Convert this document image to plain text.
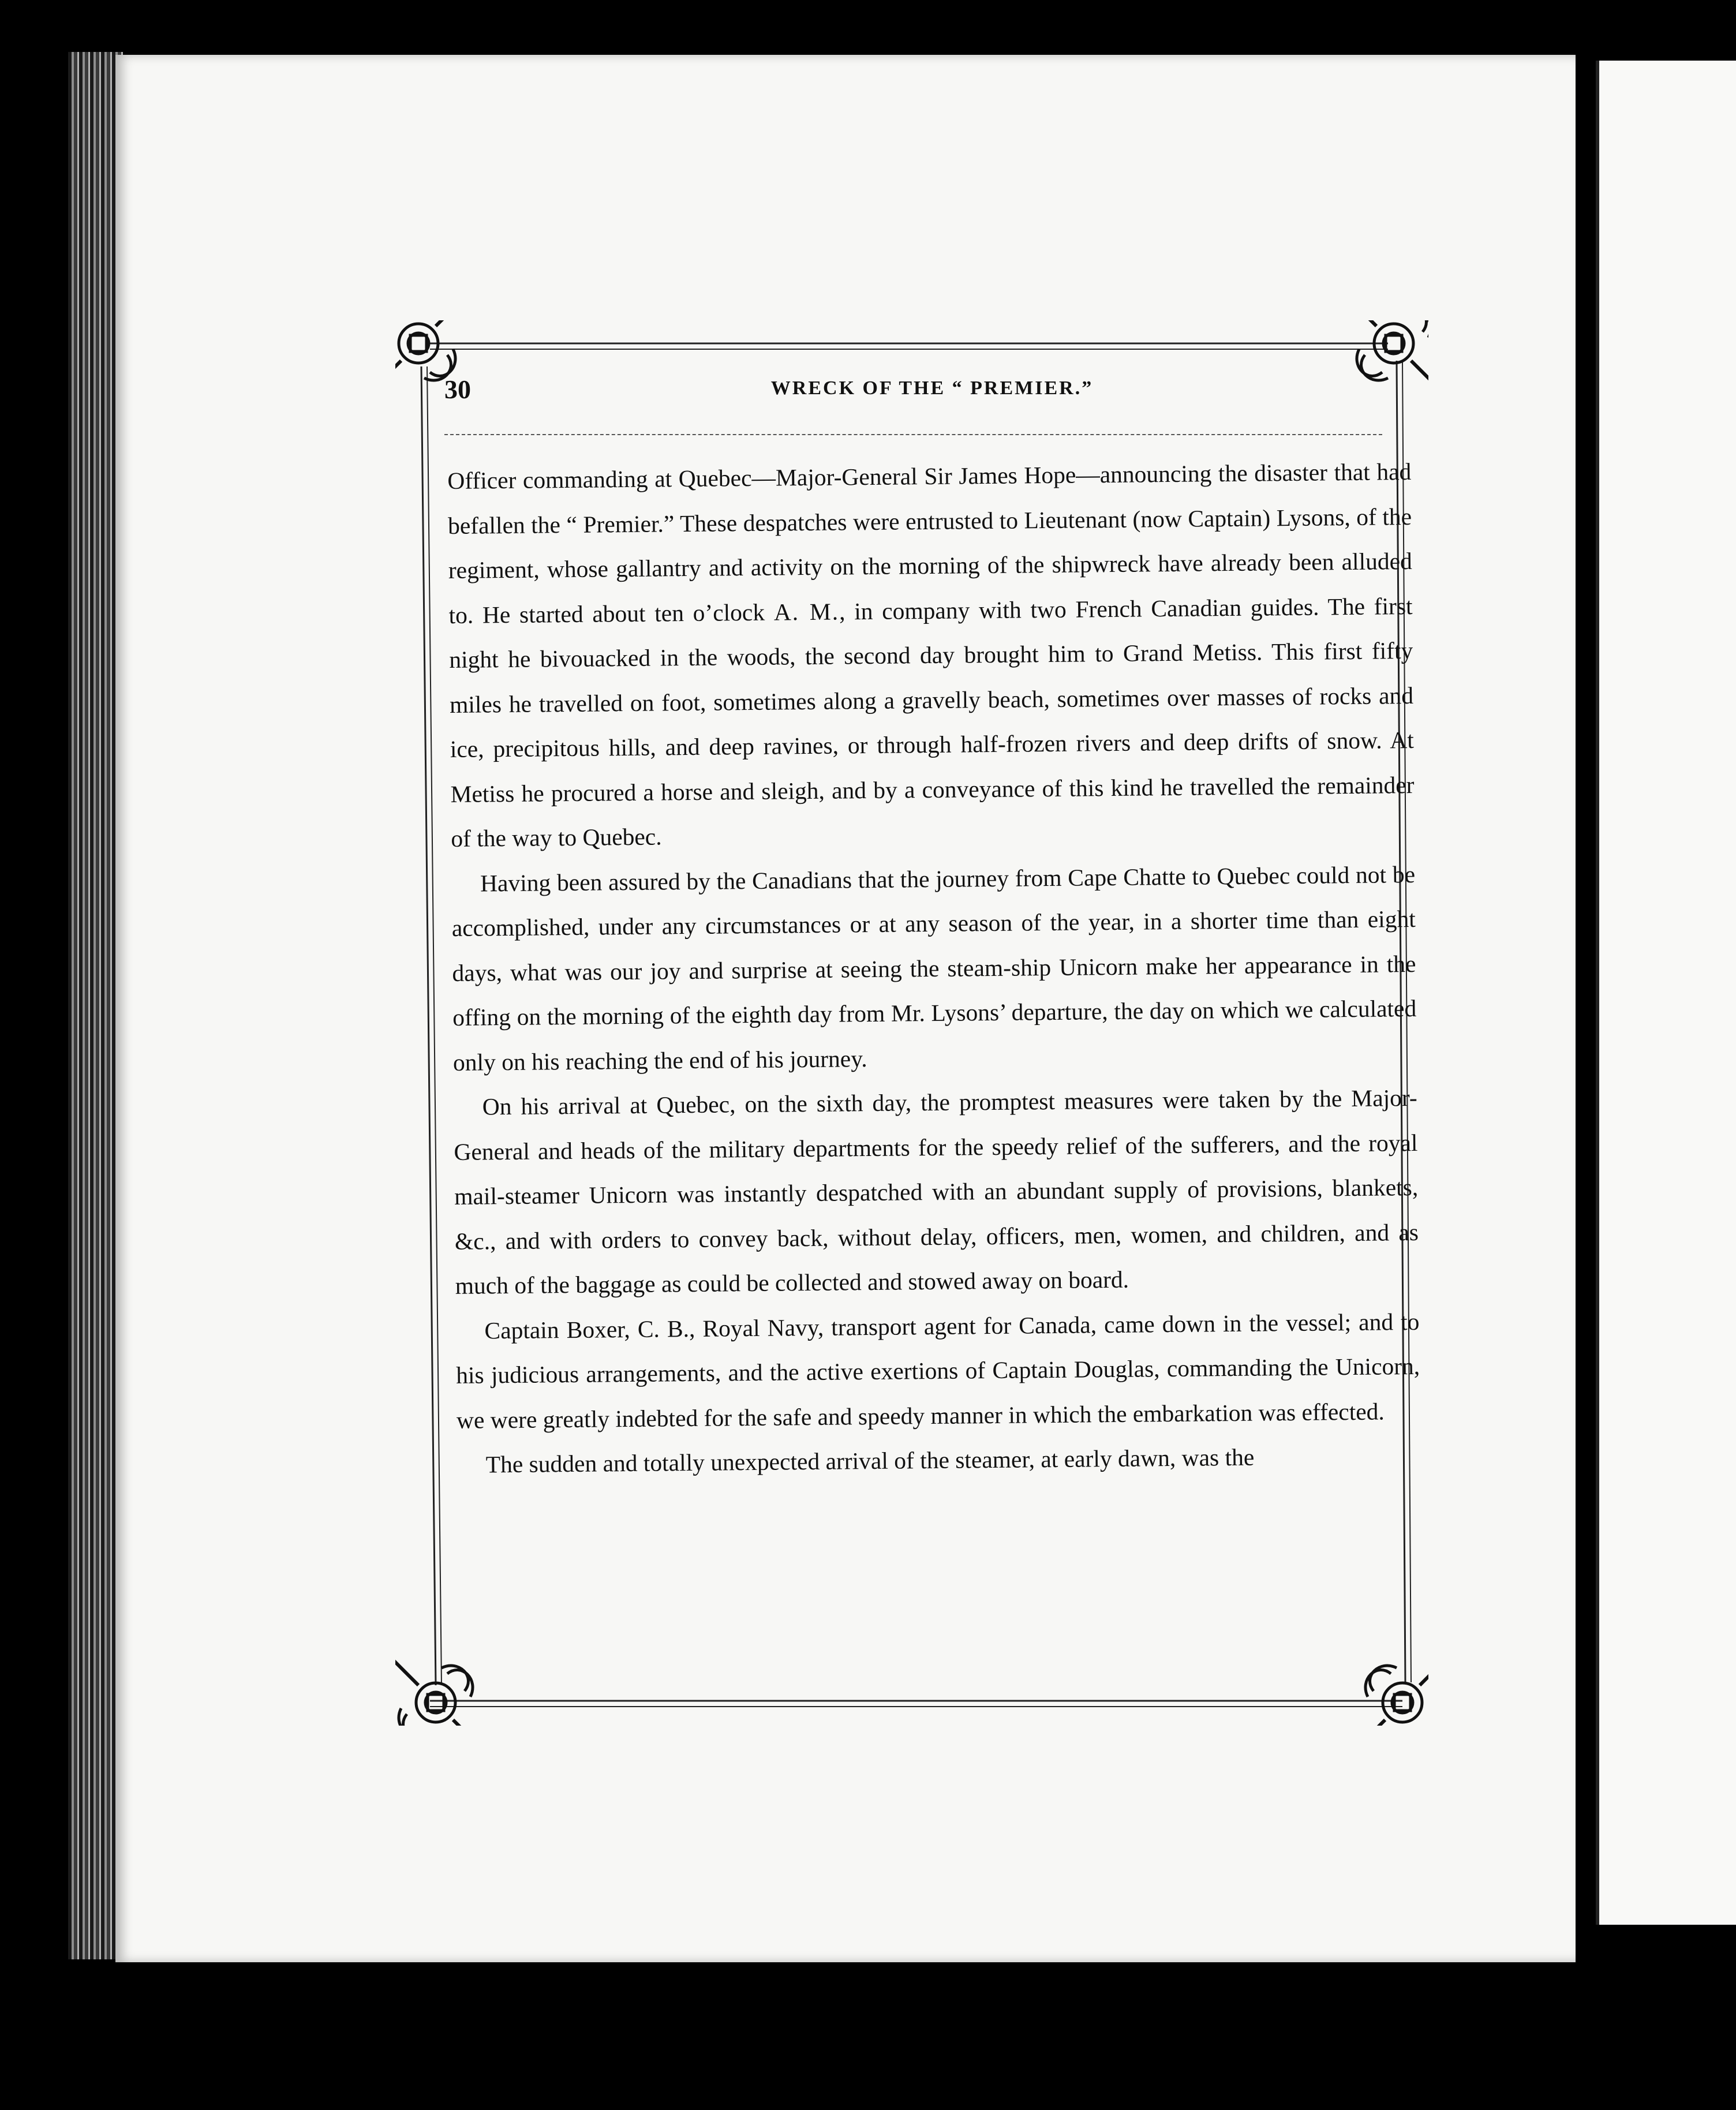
30	WRECK OF THE “ PREMIER.”

Officer commanding at Quebec—Major-General Sir James Hope—announcing the disaster that had befallen the “ Premier.” These despatches were entrusted to Lieutenant (now Captain) Lysons, of the regiment, whose gallantry and activity on the morning of the shipwreck have already been alluded to. He started about ten o’clock A. M., in company with two French Canadian guides. The first night he bivouacked in the woods, the second day brought him to Grand Metiss. This first fifty miles he travelled on foot, sometimes along a gravelly beach, sometimes over masses of rocks and ice, precipitous hills, and deep ravines, or through half-frozen rivers and deep drifts of snow. At Metiss he procured a horse and sleigh, and by a conveyance of this kind he travelled the remainder of the way to Quebec.

Having been assured by the Canadians that the journey from Cape Chatte to Quebec could not be accomplished, under any circumstances or at any season of the year, in a shorter time than eight days, what was our joy and surprise at seeing the steam-ship Unicorn make her appearance in the offing on the morning of the eighth day from Mr. Lysons’ departure, the day on which we calculated only on his reaching the end of his journey.

On his arrival at Quebec, on the sixth day, the promptest measures were taken by the Major-General and heads of the military departments for the speedy relief of the sufferers, and the royal mail-steamer Unicorn was instantly despatched with an abundant supply of provisions, blankets, &c., and with orders to convey back, without delay, officers, men, women, and children, and as much of the baggage as could be collected and stowed away on board.

Captain Boxer, C. B., Royal Navy, transport agent for Canada, came down in the vessel; and to his judicious arrangements, and the active exertions of Captain Douglas, commanding the Unicorn, we were greatly indebted for the safe and speedy manner in which the embarkation was effected.

The sudden and totally unexpected arrival of the steamer, at early dawn, was the
